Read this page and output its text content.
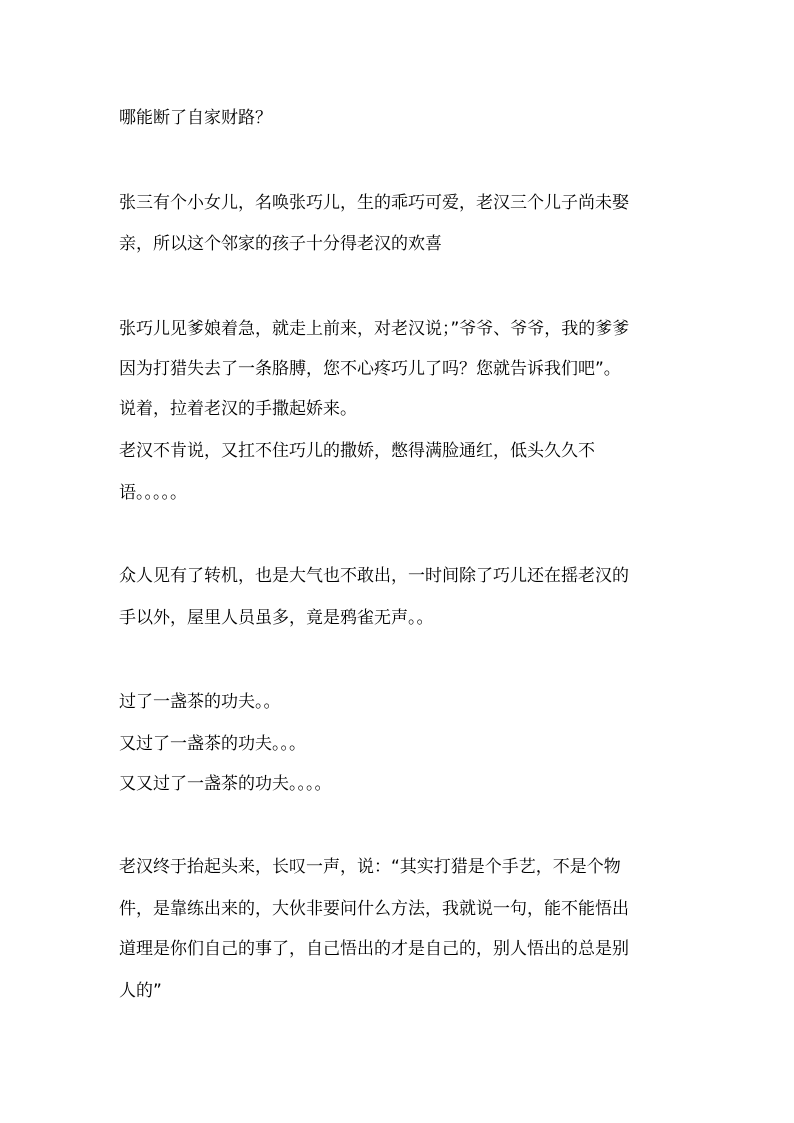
哪能断了自家财路？
张三有个小女儿，名唤张巧儿，生的乖巧可爱，老汉三个儿子尚未娶
亲，所以这个邻家的孩子十分得老汉的欢喜
张巧儿见爹娘着急，就走上前来，对老汉说；”爷爷、爷爷，我的爹爹
因为打猎失去了一条胳膊，您不心疼巧儿了吗？您就告诉我们吧”。
说着，拉着老汉的手撒起娇来。
老汉不肯说，又扛不住巧儿的撒娇，憋得满脸通红，低头久久不
语。。。。。
众人见有了转机，也是大气也不敢出，一时间除了巧儿还在摇老汉的
手以外，屋里人员虽多，竟是鸦雀无声。。
过了一盏茶的功夫。。
又过了一盏茶的功夫。。。
又又过了一盏茶的功夫。。。。
老汉终于抬起头来，长叹一声，说：“其实打猎是个手艺，不是个物
件，是靠练出来的，大伙非要问什么方法，我就说一句，能不能悟出
道理是你们自己的事了，自己悟出的才是自己的，别人悟出的总是别
人的”
